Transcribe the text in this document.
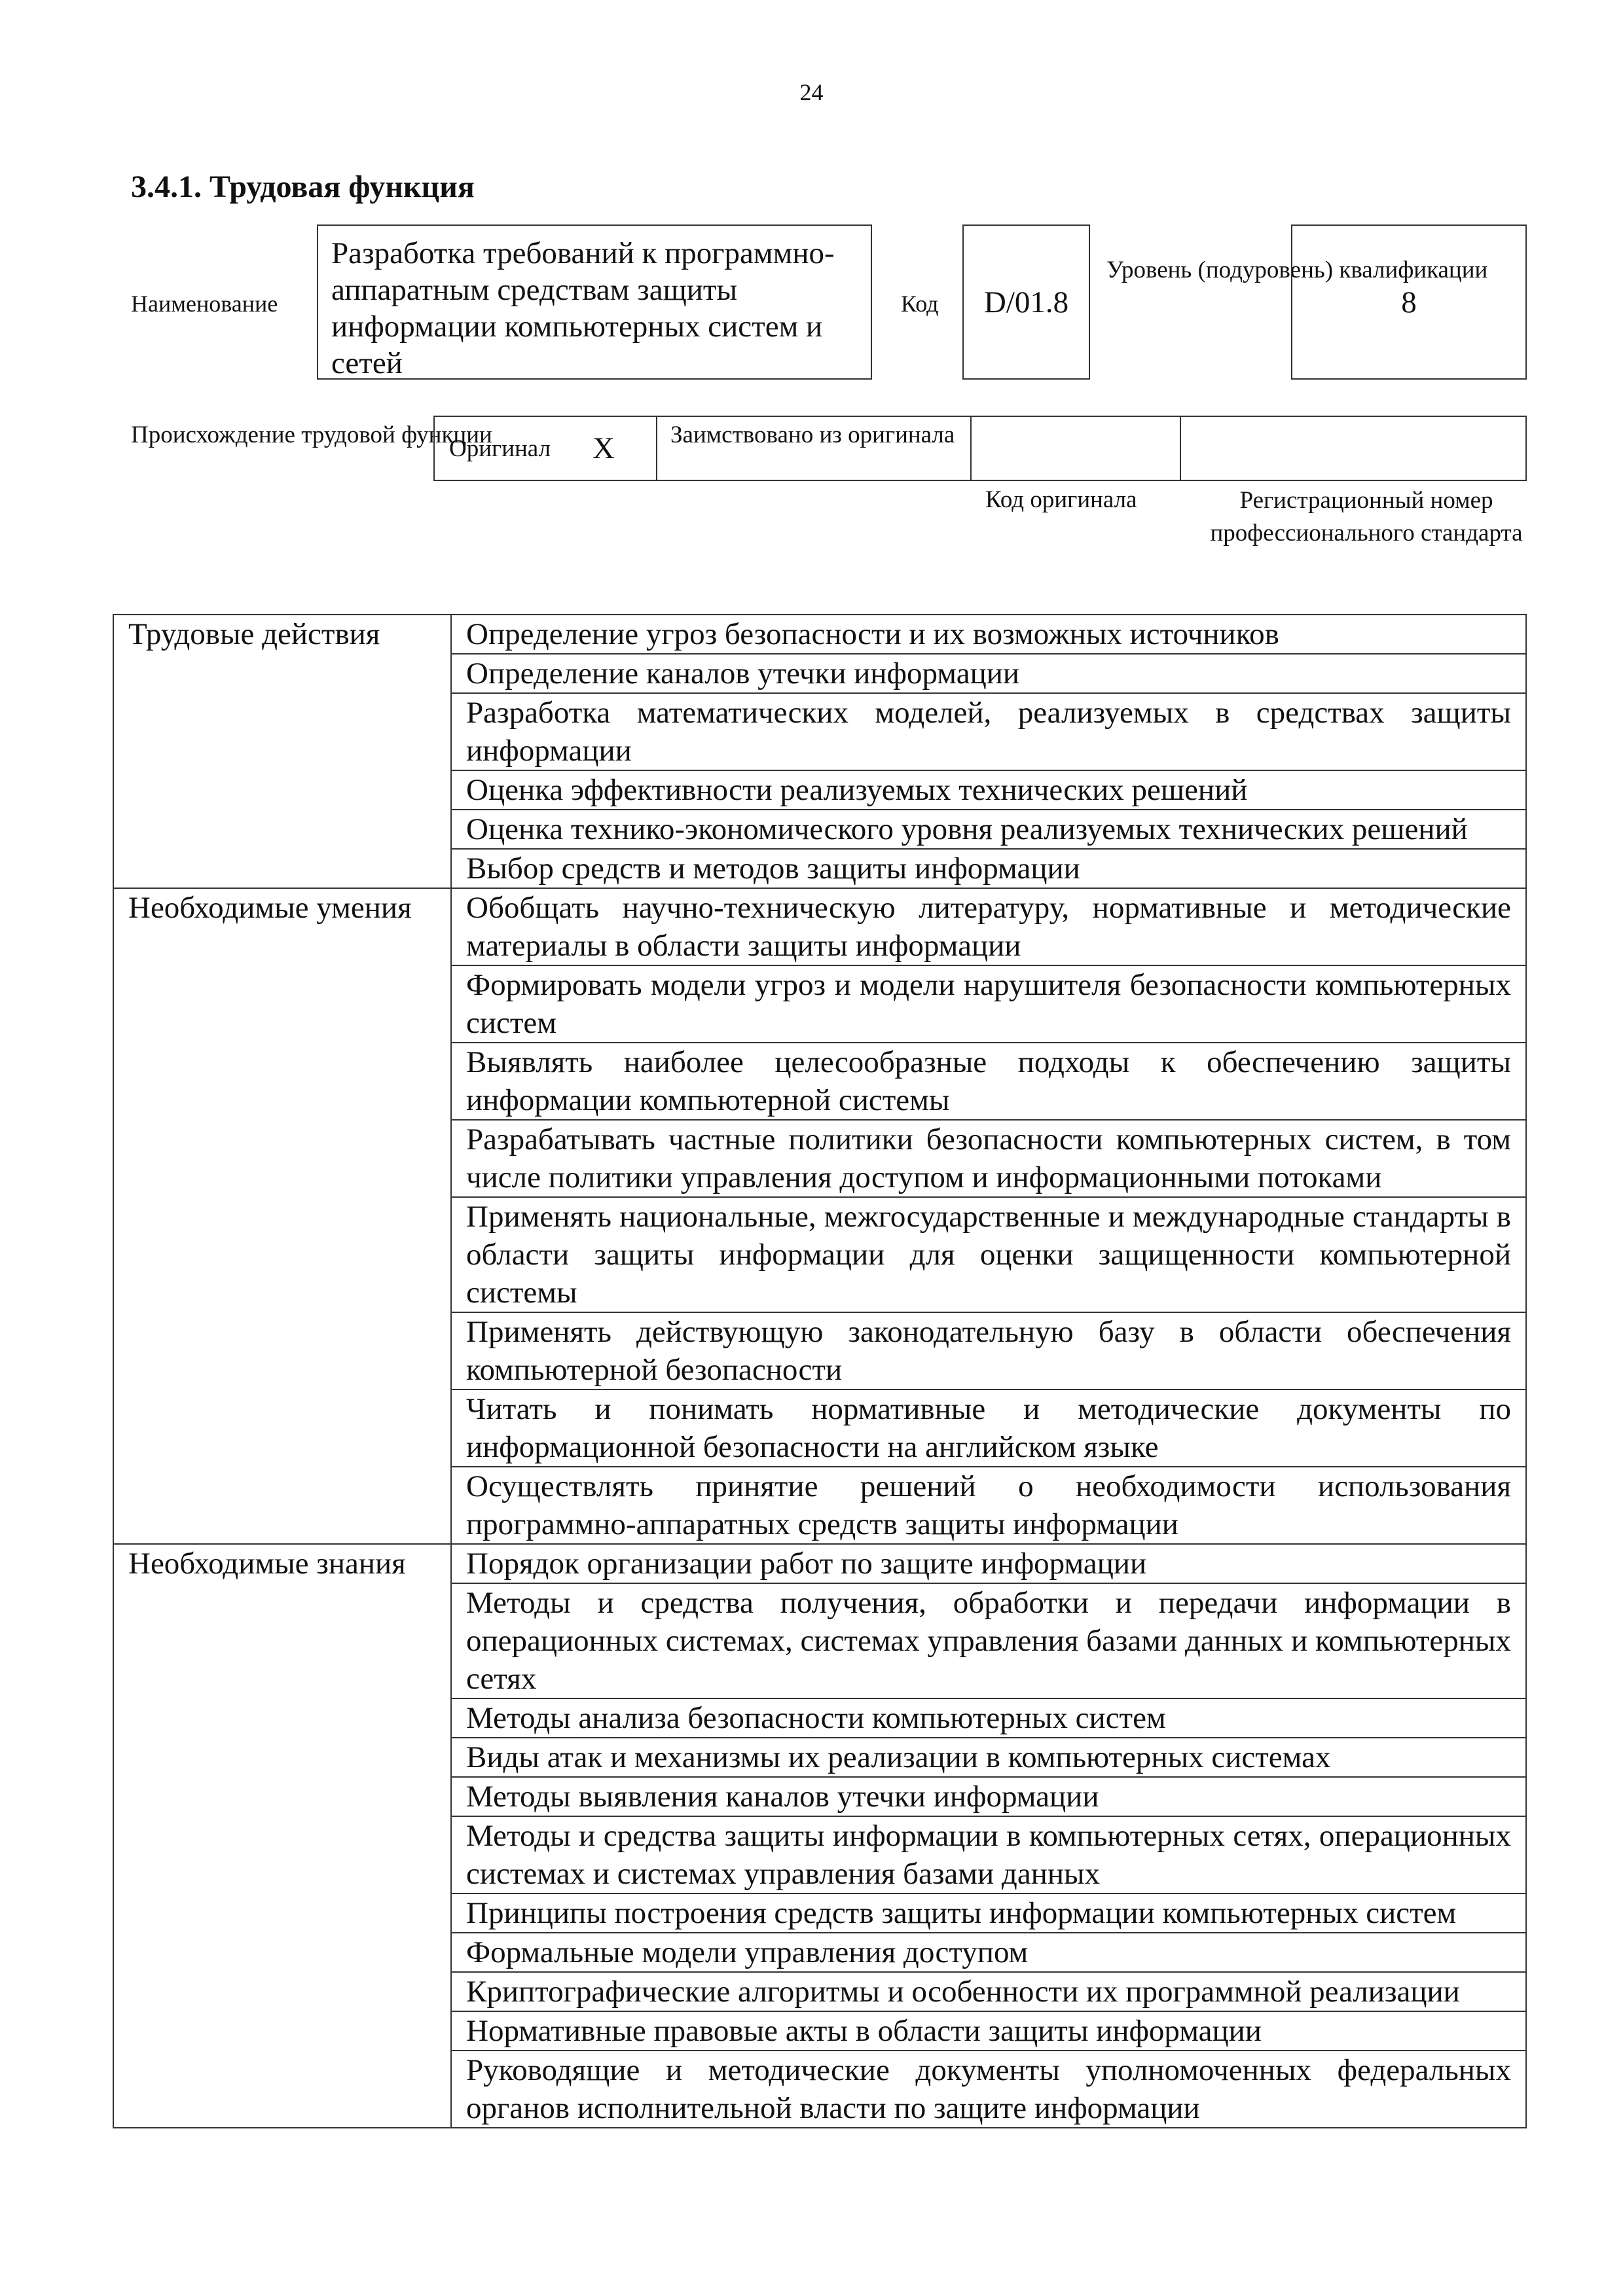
24
3.4.1. Трудовая функция
Наименование
Разработка требований к программно-аппаратным средствам защиты информации компьютерных систем и сетей
Код	D/01.8
Уровень (подуровень) квалификации
8
Происхождение трудовой функции
Оригинал X	Заимствовано из оригинала
Код оригинала	Регистрационный номер профессионального стандарта
Трудовые действия	Определение угроз безопасности и их возможных источников
	Определение каналов утечки информации
	Разработка математических моделей, реализуемых в средствах защиты информации
	Оценка эффективности реализуемых технических решений
	Оценка технико-экономического уровня реализуемых технических решений
	Выбор средств и методов защиты информации
Необходимые умения	Обобщать научно-техническую литературу, нормативные и методические материалы в области защиты информации
	Формировать модели угроз и модели нарушителя безопасности компьютерных систем
	Выявлять наиболее целесообразные подходы к обеспечению защиты информации компьютерной системы
	Разрабатывать частные политики безопасности компьютерных систем, в том числе политики управления доступом и информационными потоками
	Применять национальные, межгосударственные и международные стандарты в области защиты информации для оценки защищенности компьютерной системы
	Применять действующую законодательную базу в области обеспечения компьютерной безопасности
	Читать и понимать нормативные и методические документы по информационной безопасности на английском языке
	Осуществлять принятие решений о необходимости использования программно-аппаратных средств защиты информации
Необходимые знания	Порядок организации работ по защите информации
	Методы и средства получения, обработки и передачи информации в операционных системах, системах управления базами данных и компьютерных сетях
	Методы анализа безопасности компьютерных систем
	Виды атак и механизмы их реализации в компьютерных системах
	Методы выявления каналов утечки информации
	Методы и средства защиты информации в компьютерных сетях, операционных системах и системах управления базами данных
	Принципы построения средств защиты информации компьютерных систем
	Формальные модели управления доступом
	Криптографические алгоритмы и особенности их программной реализации
	Нормативные правовые акты в области защиты информации
	Руководящие и методические документы уполномоченных федеральных органов исполнительной власти по защите информации
